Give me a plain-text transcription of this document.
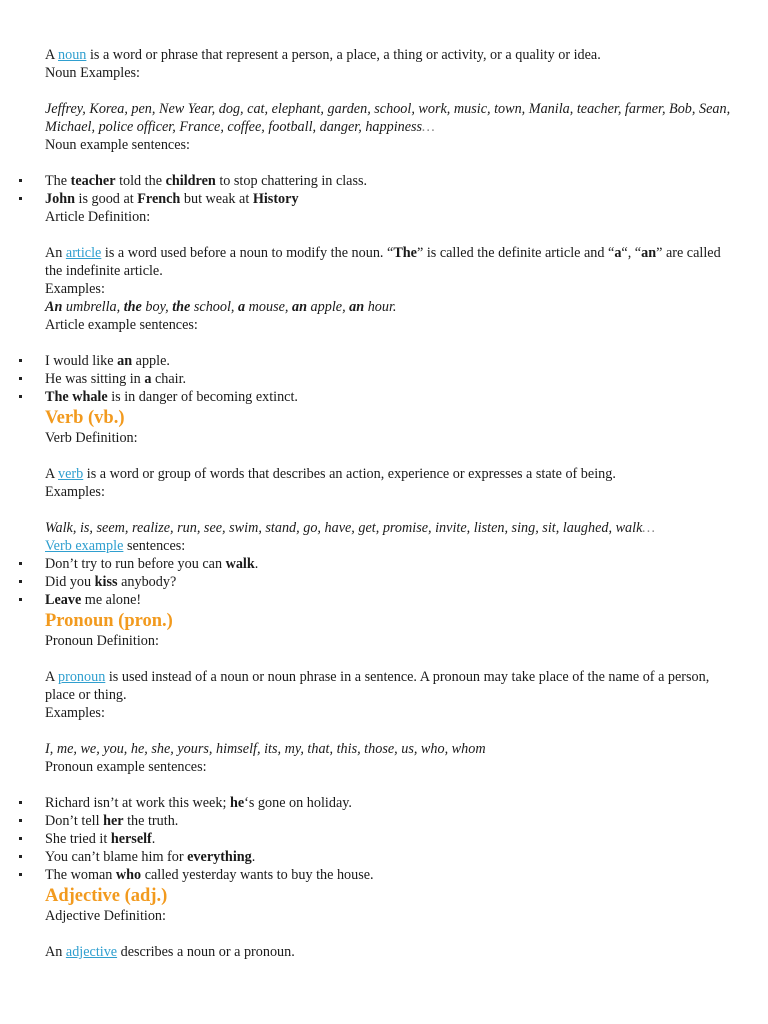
A noun is a word or phrase that represent a person, a place, a thing or activity, or a quality or idea.

Noun Examples:

Jeffrey, Korea, pen, New Year, dog, cat, elephant, garden, school, work, music, town, Manila, teacher, farmer, Bob, Sean, Michael, police officer, France, coffee, football, danger, happiness…

Noun example sentences:

The teacher told the children to stop chattering in class.
John is good at French but weak at History

Article Definition:

An article is a word used before a noun to modify the noun. “The” is called the definite article and “a“, “an” are called the indefinite article.

Examples:

An umbrella, the boy, the school, a mouse, an apple, an hour.

Article example sentences:

I would like an apple.
He was sitting in a chair.
The whale is in danger of becoming extinct.

Verb (vb.)

Verb Definition:

A verb is a word or group of words that describes an action, experience or expresses a state of being.

Examples:

Walk, is, seem, realize, run, see, swim, stand, go, have, get, promise, invite, listen, sing, sit, laughed, walk…

Verb example sentences:

Don’t try to run before you can walk.
Did you kiss anybody?
Leave me alone!

Pronoun (pron.)

Pronoun Definition:

A pronoun is used instead of a noun or noun phrase in a sentence. A pronoun may take place of the name of a person, place or thing.

Examples:

I, me, we, you, he, she, yours, himself, its, my, that, this, those, us, who, whom

Pronoun example sentences:

Richard isn’t at work this week; he‘s gone on holiday.
Don’t tell her the truth.
She tried it herself.
You can’t blame him for everything.
The woman who called yesterday wants to buy the house.

Adjective (adj.)

Adjective Definition:

An adjective describes a noun or a pronoun.
